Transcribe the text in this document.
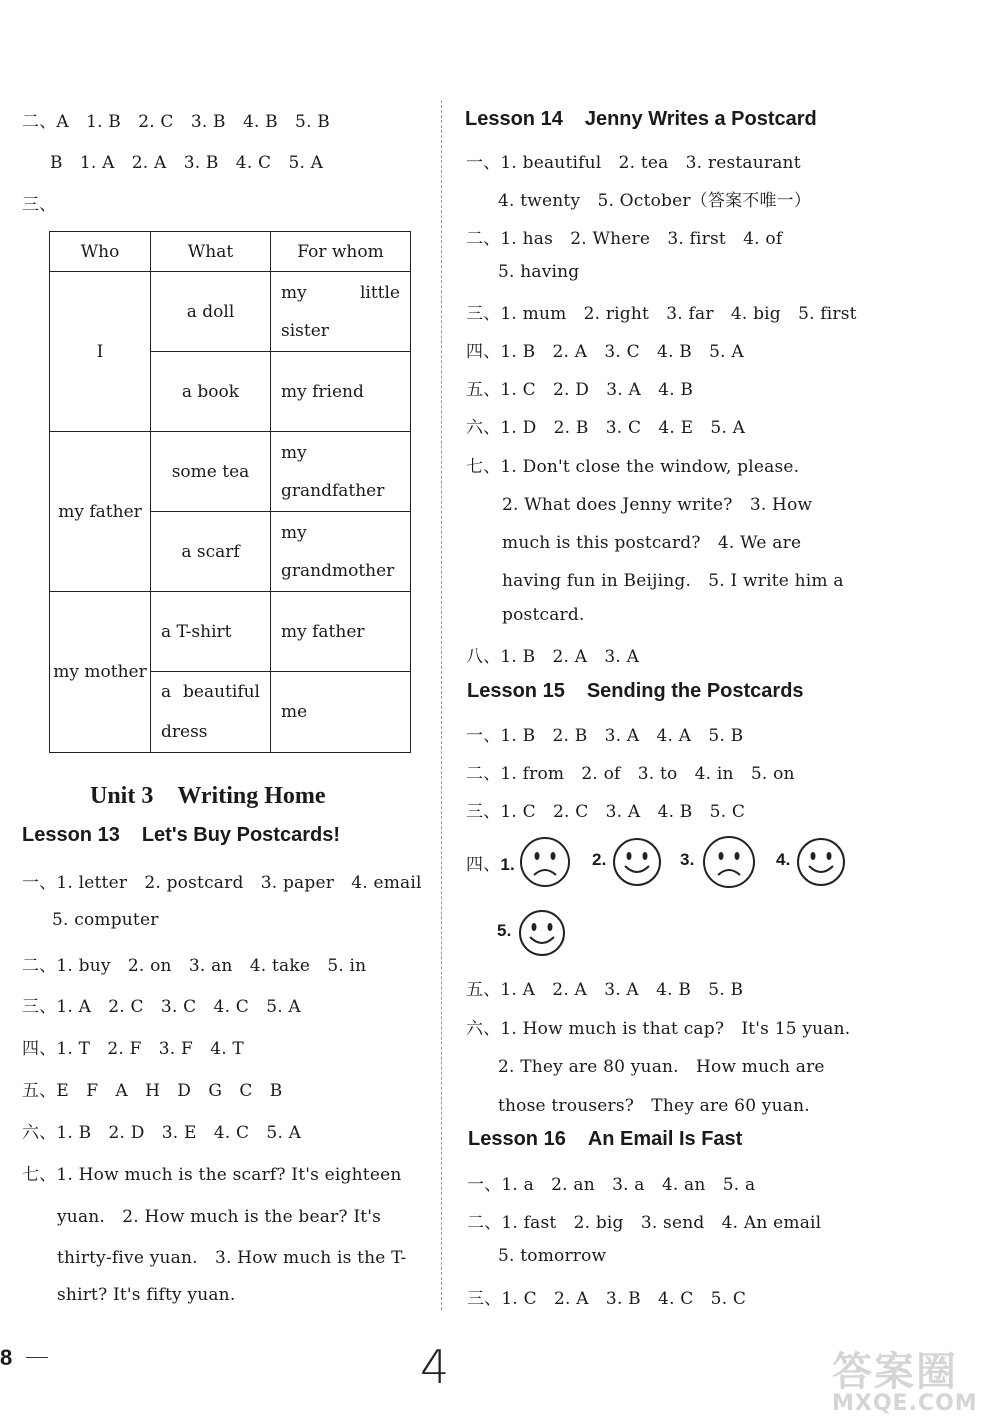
二、A　1. B　2. C　3. B　4. B　5. B
B　1. A　2. A　3. B　4. C　5. A
三、
Who	What	For whom
I	a doll	my little sister
	a book	my friend
my father	some tea	my grandfather
	a scarf	my grandmother
my mother	a T-shirt	my father
	a beautiful dress	me
Unit 3　Writing Home
Lesson 13 Let's Buy Postcards!
一、1. letter　2. postcard　3. paper　4. email
5. computer
二、1. buy　2. on　3. an　4. take　5. in
三、1. A　2. C　3. C　4. C　5. A
四、1. T　2. F　3. F　4. T
五、E　F　A　H　D　G　C　B
六、1. B　2. D　3. E　4. C　5. A
七、1. How much is the scarf? It's eighteen
yuan.　2. How much is the bear? It's
thirty-five yuan.　3. How much is the T-
shirt? It's fifty yuan.
8
Lesson 14 Jenny Writes a Postcard
一、1. beautiful　2. tea　3. restaurant
4. twenty　5. October（答案不唯一）
二、1. has　2. Where　3. first　4. of
5. having
三、1. mum　2. right　3. far　4. big　5. first
四、1. B　2. A　3. C　4. B　5. A
五、1. C　2. D　3. A　4. B
六、1. D　2. B　3. C　4. E　5. A
七、1. Don't close the window, please.
2. What does Jenny write?　3. How
much is this postcard?　4. We are
having fun in Beijing.　5. I write him a
postcard.
八、1. B　2. A　3. A
Lesson 15 Sending the Postcards
一、1. B　2. B　3. A　4. A　5. B
二、1. from　2. of　3. to　4. in　5. on
三、1. C　2. C　3. A　4. B　5. C
四、1.	2.	3.	4.
5.
五、1. A　2. A　3. A　4. B　5. B
六、1. How much is that cap?　It's 15 yuan.
2. They are 80 yuan.　How much are
those trousers?　They are 60 yuan.
Lesson 16 An Email Is Fast
一、1. a　2. an　3. a　4. an　5. a
二、1. fast　2. big　3. send　4. An email
5. tomorrow
三、1. C　2. A　3. B　4. C　5. C
4	答案圈
MXQE.COM
